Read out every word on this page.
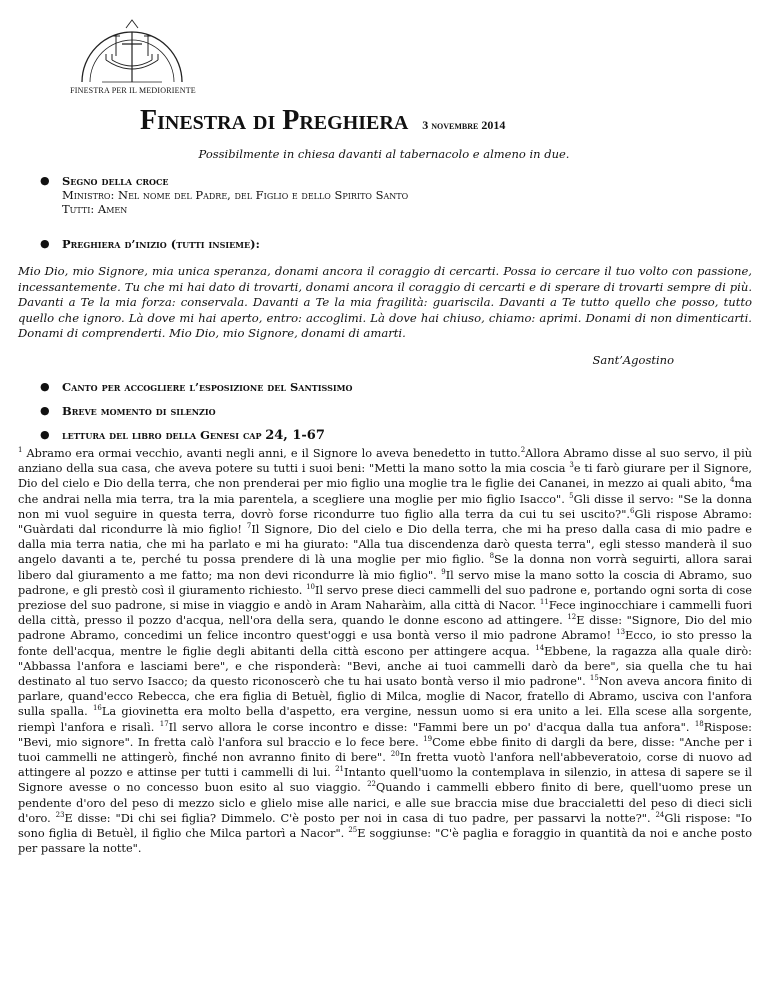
FINESTRA PER IL MEDIORIENTE
Finestra di Preghiera 3 novembre 2014
Possibilmente in chiesa davanti al tabernacolo e almeno in due.
● Segno della croce
Ministro: Nel nome del Padre, del Figlio e dello Spirito Santo
Tutti: Amen
● Preghiera d’inizio (tutti insieme):
Mio Dio, mio Signore, mia unica speranza, donami ancora il coraggio di cercarti. Possa io cercare il tuo volto con passione, incessantemente. Tu che mi hai dato di trovarti, donami ancora il coraggio di cercarti e di sperare di trovarti sempre di più. Davanti a Te la mia forza: conservala. Davanti a Te la mia fragilità: guariscila. Davanti a Te tutto quello che posso, tutto quello che ignoro. Là dove mi hai aperto, entro: accoglimi. Là dove hai chiuso, chiamo: aprimi. Donami di non dimenticarti. Donami di comprenderti. Mio Dio, mio Signore, donami di amarti.
Sant’Agostino
● Canto per accogliere l’esposizione del Santissimo
● Breve momento di silenzio
● lettura del libro della Genesi cap 24, 1-67
$^1$ Abramo era ormai vecchio, avanti negli anni, e il Signore lo aveva benedetto in tutto.$^2$Allora Abramo disse al suo servo, il più anziano della sua casa, che aveva potere su tutti i suoi beni: "Metti la mano sotto la mia coscia $^3$e ti farò giurare per il Signore, Dio del cielo e Dio della terra, che non prenderai per mio figlio una moglie tra le figlie dei Cananei, in mezzo ai quali abito, $^4$ma che andrai nella mia terra, tra la mia parentela, a scegliere una moglie per mio figlio Isacco". $^5$Gli disse il servo: "Se la donna non mi vuol seguire in questa terra, dovrò forse ricondurre tuo figlio alla terra da cui tu sei uscito?".$^6$Gli rispose Abramo: "Guàrdati dal ricondurre là mio figlio! $^7$Il Signore, Dio del cielo e Dio della terra, che mi ha preso dalla casa di mio padre e dalla mia terra natia, che mi ha parlato e mi ha giurato: "Alla tua discendenza darò questa terra", egli stesso manderà il suo angelo davanti a te, perché tu possa prendere di là una moglie per mio figlio. $^8$Se la donna non vorrà seguirti, allora sarai libero dal giuramento a me fatto; ma non devi ricondurre là mio figlio". $^9$Il servo mise la mano sotto la coscia di Abramo, suo padrone, e gli prestò così il giuramento richiesto. $^{10}$Il servo prese dieci cammelli del suo padrone e, portando ogni sorta di cose preziose del suo padrone, si mise in viaggio e andò in Aram Naharàim, alla città di Nacor. $^{11}$Fece inginocchiare i cammelli fuori della città, presso il pozzo d'acqua, nell'ora della sera, quando le donne escono ad attingere. $^{12}$E disse: "Signore, Dio del mio padrone Abramo, concedimi un felice incontro quest'oggi e usa bontà verso il mio padrone Abramo! $^{13}$Ecco, io sto presso la fonte dell'acqua, mentre le figlie degli abitanti della città escono per attingere acqua. $^{14}$Ebbene, la ragazza alla quale dirò: "Abbassa l'anfora e lasciami bere", e che risponderà: "Bevi, anche ai tuoi cammelli darò da bere", sia quella che tu hai destinato al tuo servo Isacco; da questo riconoscerò che tu hai usato bontà verso il mio padrone". $^{15}$Non aveva ancora finito di parlare, quand'ecco Rebecca, che era figlia di Betuèl, figlio di Milca, moglie di Nacor, fratello di Abramo, usciva con l'anfora sulla spalla. $^{16}$La giovinetta era molto bella d'aspetto, era vergine, nessun uomo si era unito a lei. Ella scese alla sorgente, riempì l'anfora e risalì. $^{17}$Il servo allora le corse incontro e disse: "Fammi bere un po' d'acqua dalla tua anfora". $^{18}$Rispose: "Bevi, mio signore". In fretta calò l'anfora sul braccio e lo fece bere. $^{19}$Come ebbe finito di dargli da bere, disse: "Anche per i tuoi cammelli ne attingerò, finché non avranno finito di bere". $^{20}$In fretta vuotò l'anfora nell'abbeveratoio, corse di nuovo ad attingere al pozzo e attinse per tutti i cammelli di lui. $^{21}$Intanto quell'uomo la contemplava in silenzio, in attesa di sapere se il Signore avesse o no concesso buon esito al suo viaggio. $^{22}$Quando i cammelli ebbero finito di bere, quell'uomo prese un pendente d'oro del peso di mezzo siclo e glielo mise alle narici, e alle sue braccia mise due braccialetti del peso di dieci sicli d'oro. $^{23}$E disse: "Di chi sei figlia? Dimmelo. C'è posto per noi in casa di tuo padre, per passarvi la notte?". $^{24}$Gli rispose: "Io sono figlia di Betuèl, il figlio che Milca partorì a Nacor". $^{25}$E soggiunse: "C'è paglia e foraggio in quantità da noi e anche posto per passare la notte".
